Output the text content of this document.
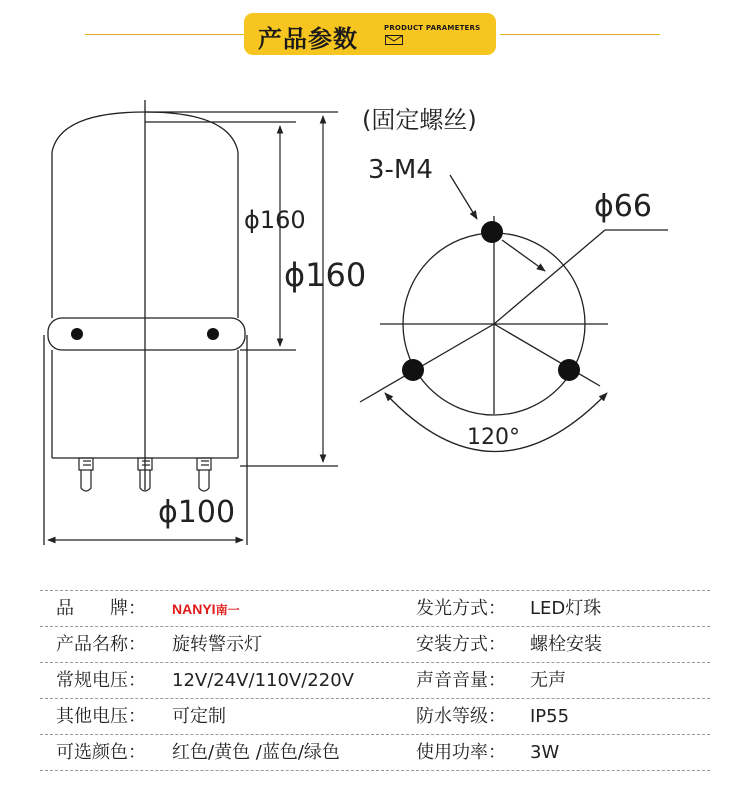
产品参数	PRODUCT PARAMETERS
ϕ160
ϕ160
ϕ100
(固定螺丝)
3-M4
ϕ66
120°
品　　牌： NANYI南一	发光方式： LED灯珠
产品名称： 旋转警示灯	安装方式： 螺栓安装
常规电压： 12V/24V/110V/220V	声音音量： 无声
其他电压： 可定制	防水等级： IP55
可选颜色： 红色/黄色 /蓝色/绿色	使用功率： 3W
